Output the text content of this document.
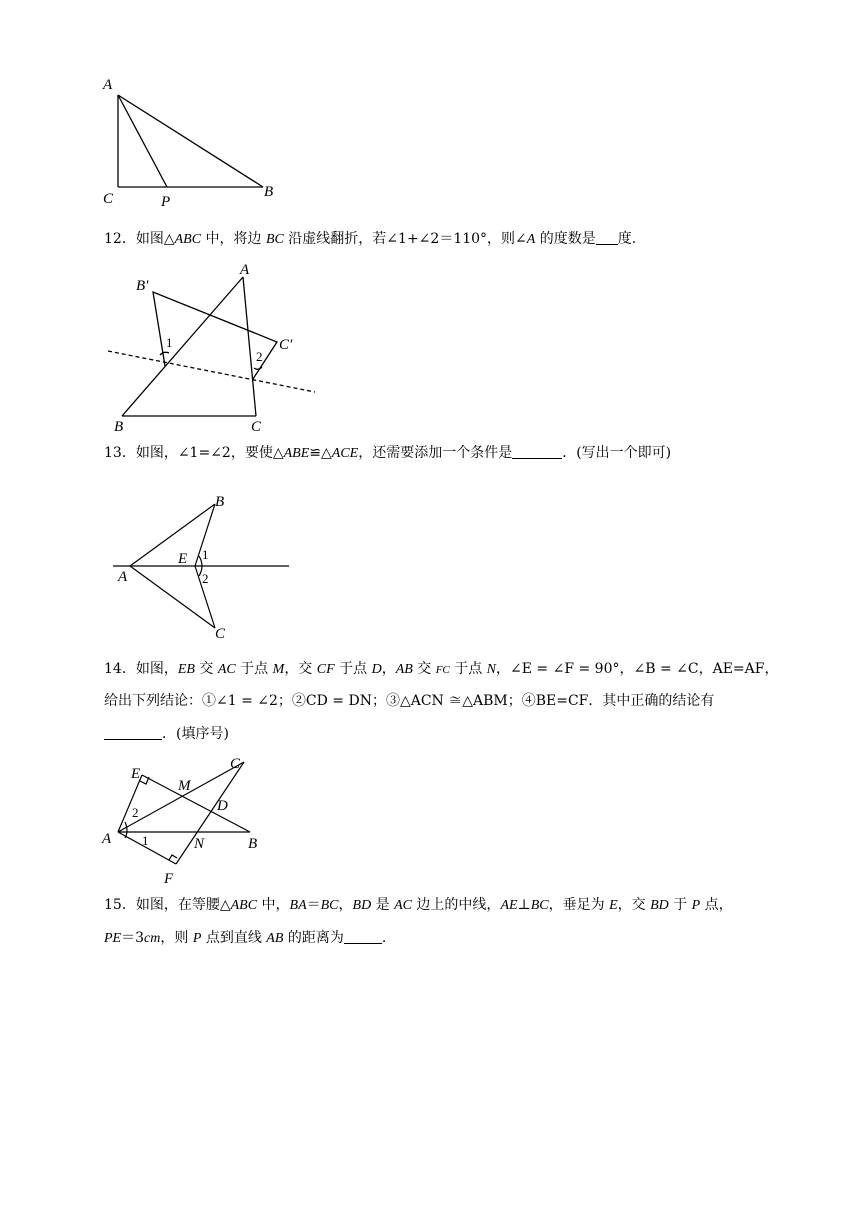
A
C	P
B
12．如图△ABC 中，将边 BC 沿虚线翻折，若∠1+∠2＝110°，则∠A 的度数是 度.
A
B′
C′
B	C
1
2
13．如图，∠1=∠2，要使△ABE≌△ACE，还需要添加一个条件是	．(写出一个即可)
B
E 1
A	2
C
14．如图，EB 交 AC 于点 M，交 CF 于点 D，AB 交 FC 于点 N，∠E = ∠F = 90°，∠B = ∠C，AE=AF，
给出下列结论：①∠1 = ∠2；②CD = DN；③△ACN ≅△ABM；④BE=CF．其中正确的结论有
．(填序号)
E
C
M
D
2
A 1	N	B
F
15．如图，在等腰△ABC 中，BA＝BC，BD 是 AC 边上的中线，AE⊥BC，垂足为 E，交 BD 于 P 点，
PE＝3cm，则 P 点到直线 AB 的距离为	.
